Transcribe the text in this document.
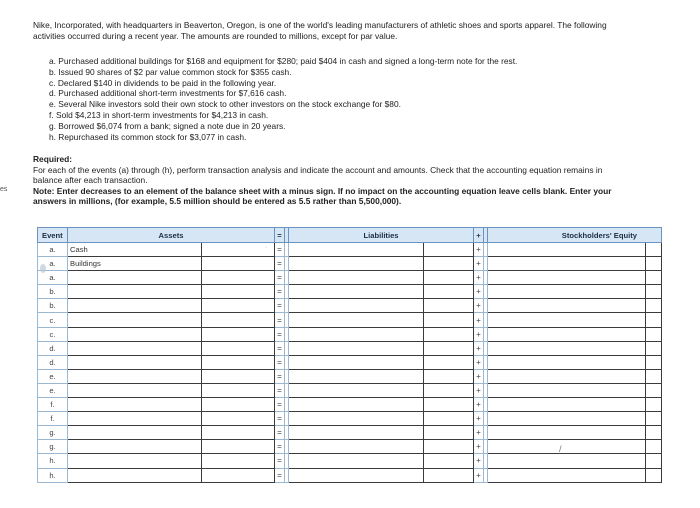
es
Nike, Incorporated, with headquarters in Beaverton, Oregon, is one of the world's leading manufacturers of athletic shoes and sports apparel. The following activities occurred during a recent year. The amounts are rounded to millions, except for par value.
a. Purchased additional buildings for $168 and equipment for $280; paid $404 in cash and signed a long-term note for the rest.
b. Issued 90 shares of $2 par value common stock for $355 cash.
c. Declared $140 in dividends to be paid in the following year.
d. Purchased additional short-term investments for $7,616 cash.
e. Several Nike investors sold their own stock to other investors on the stock exchange for $80.
f. Sold $4,213 in short-term investments for $4,213 in cash.
g. Borrowed $6,074 from a bank; signed a note due in 20 years.
h. Repurchased its common stock for $3,077 in cash.
Required:
For each of the events (a) through (h), perform transaction analysis and indicate the account and amounts. Check that the accounting equation remains in balance after each transaction.
Note: Enter decreases to an element of the balance sheet with a minus sign. If no impact on the accounting equation leave cells blank. Enter your answers in millions, (for example, 5.5 million should be entered as 5.5 rather than 5,500,000).
Event	Assets		=		Liabilities		+		Stockholders' Equity	
a.	Cash		=				+			
a.	Buildings		=				+			
a.			=				+			
b.			=				+			
b.			=				+			
c.			=				+			
c.			=				+			
d.			=				+			
d.			=				+			
e.			=				+			
e.			=				+			
f.			=				+			
f.			=				+			
g.			=				+			
g.			=				+			
h.			=				+			
h.			=				+			
·
/
